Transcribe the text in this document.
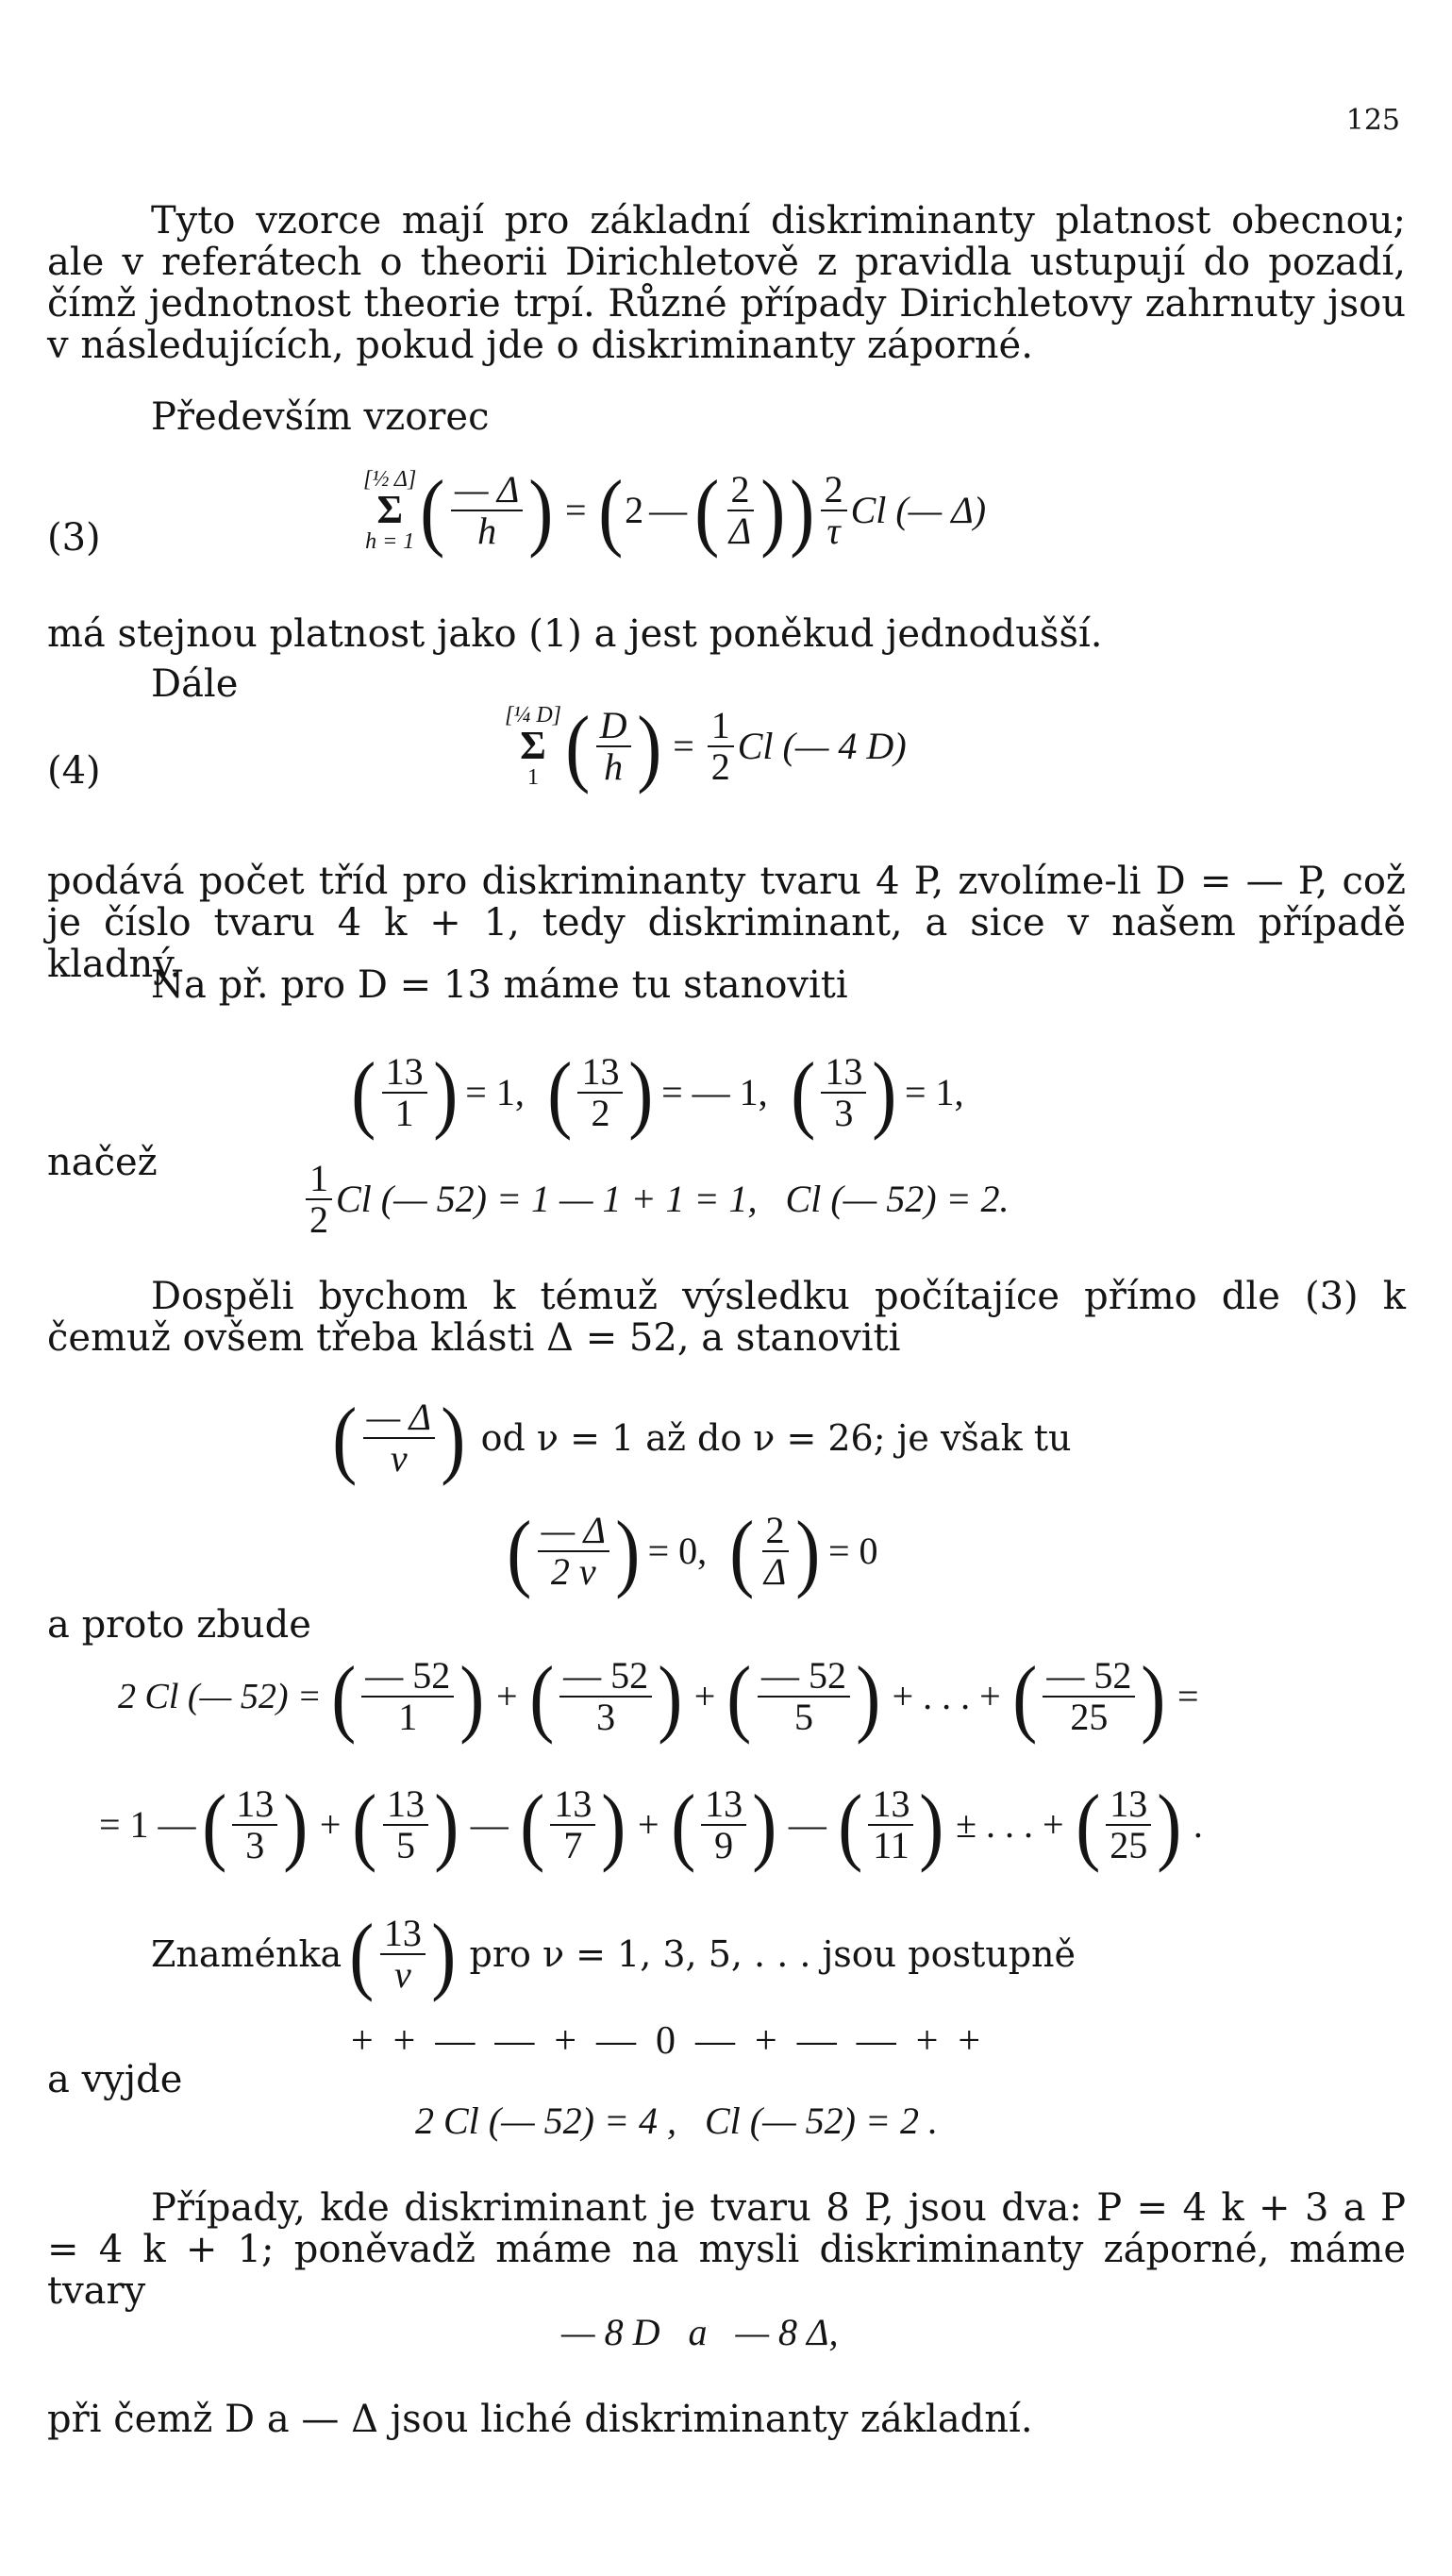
125
Tyto vzorce mají pro základní diskriminanty platnost obecnou; ale v referátech o theorii Dirichletově z pravidla ustupují do pozadí, čímž jednotnost theorie trpí. Různé případy Dirichletovy zahrnuty jsou v následujících, pokud jde o diskriminanty záporné.
Především vzorec
(3)
[½ Δ]
Σ
h = 1 ( $\frac{— \Delta}{h}$
) = ( 2 — ( $\frac{2}{\Delta}$
)
) $\frac{2}{\tau}$ Cl (— Δ)
má stejnou platnost jako (1) a jest poněkud jednodušší.
Dále
(4)
[¼ D]
Σ
1 ( $\frac{D}{h}$
) = $\frac{1}{2}$ Cl (— 4 D)
podává počet tříd pro diskriminanty tvaru 4 P, zvolíme-li D = — P, což je číslo tvaru 4 k + 1, tedy diskriminant, a sice v našem případě kladný.
Na př. pro D = 13 máme tu stanoviti
( $\frac{13}{1}$
) = 1, ( $\frac{13}{2}$
) = — 1, ( $\frac{13}{3}$
) = 1,
načež	$\frac{1}{2}$ Cl (— 52) = 1 — 1 + 1 = 1,   Cl (— 52) = 2.
Dospěli bychom k témuž výsledku počítajíce přímo dle (3) k čemuž ovšem třeba klásti Δ = 52, a stanoviti
( $\frac{— \Delta}{\nu}$
) od ν = 1 až do ν = 26; je však tu
( $\frac{— \Delta}{2 \nu}$
) = 0, ( $\frac{2}{\Delta}$
) = 0
a proto zbude
2 Cl (— 52) = ( $\frac{— 52}{1}$
) + ( $\frac{— 52}{3}$
) + ( $\frac{— 52}{5}$
) + . . . + ( $\frac{— 52}{25}$
) =
= 1 — ( $\frac{13}{3}$
) + ( $\frac{13}{5}$
) — ( $\frac{13}{7}$
) + ( $\frac{13}{9}$
) — ( $\frac{13}{11}$
) ± . . . + ( $\frac{13}{25}$
) .
Znaménka ( $\frac{13}{\nu}$
) pro ν = 1, 3, 5, . . . jsou postupně
+  +  —  —  +  —  0  —  +  —  —  +  +
a vyjde
2 Cl (— 52) = 4 ,   Cl (— 52) = 2 .
Případy, kde diskriminant je tvaru 8 P, jsou dva: P = 4 k + 3 a P = 4 k + 1; poněvadž máme na mysli diskriminanty záporné, máme tvary
— 8 D   a   — 8 Δ,
při čemž D a — Δ jsou liché diskriminanty základní.
